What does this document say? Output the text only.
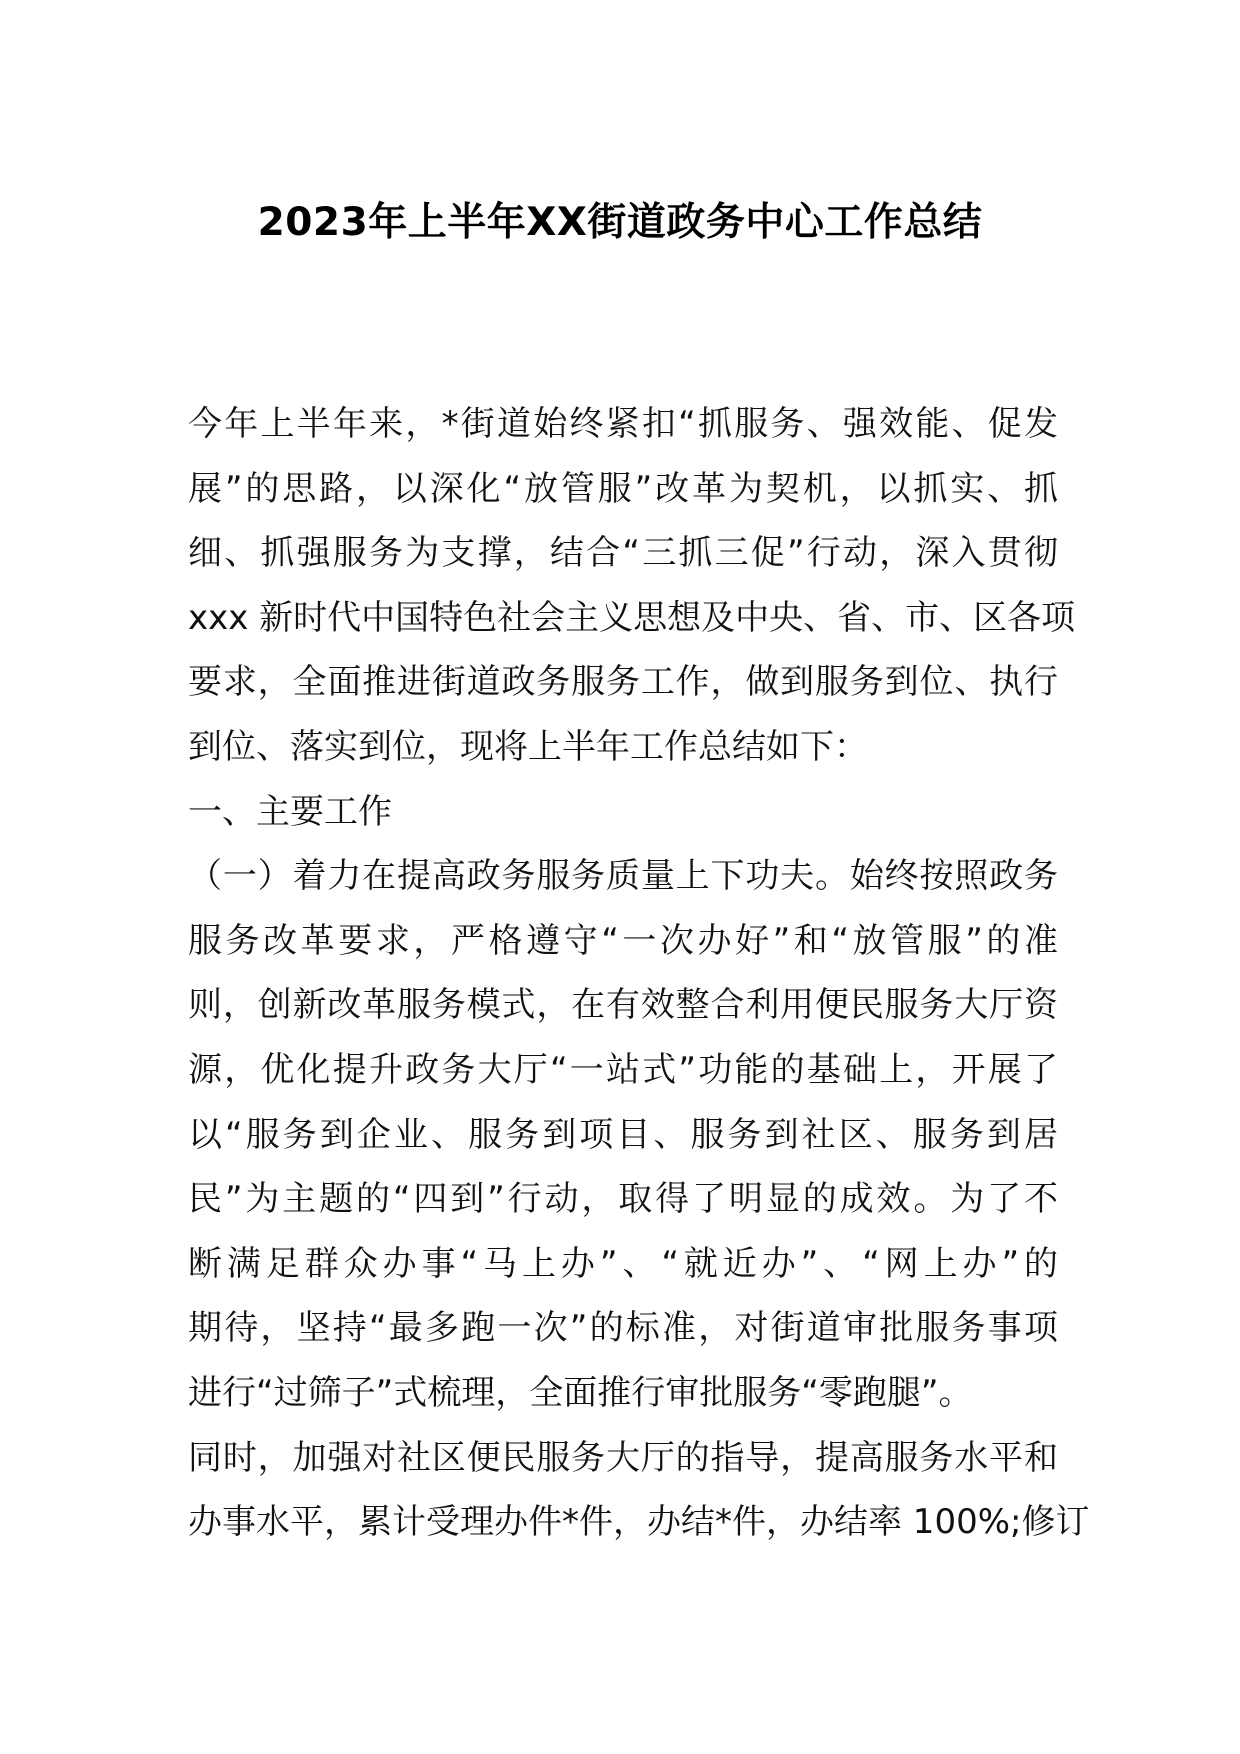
2023年上半年XX街道政务中心工作总结
今年上半年来，*街道始终紧扣“抓服务、强效能、促发
展”的思路，以深化“放管服”改革为契机，以抓实、抓
细、抓强服务为支撑，结合“三抓三促”行动，深入贯彻
xxx 新时代中国特色社会主义思想及中央、省、市、区各项
要求，全面推进街道政务服务工作，做到服务到位、执行
到位、落实到位，现将上半年工作总结如下：
一、主要工作
（一）着力在提高政务服务质量上下功夫。始终按照政务
服务改革要求，严格遵守“一次办好”和“放管服”的准
则，创新改革服务模式，在有效整合利用便民服务大厅资
源，优化提升政务大厅“一站式”功能的基础上，开展了
以“服务到企业、服务到项目、服务到社区、服务到居
民”为主题的“四到”行动，取得了明显的成效。为了不
断满足群众办事“马上办”、“就近办”、“网上办”的
期待，坚持“最多跑一次”的标准，对街道审批服务事项
进行“过筛子”式梳理，全面推行审批服务“零跑腿”。
同时，加强对社区便民服务大厅的指导，提高服务水平和
办事水平，累计受理办件*件，办结*件，办结率 100%;修订
